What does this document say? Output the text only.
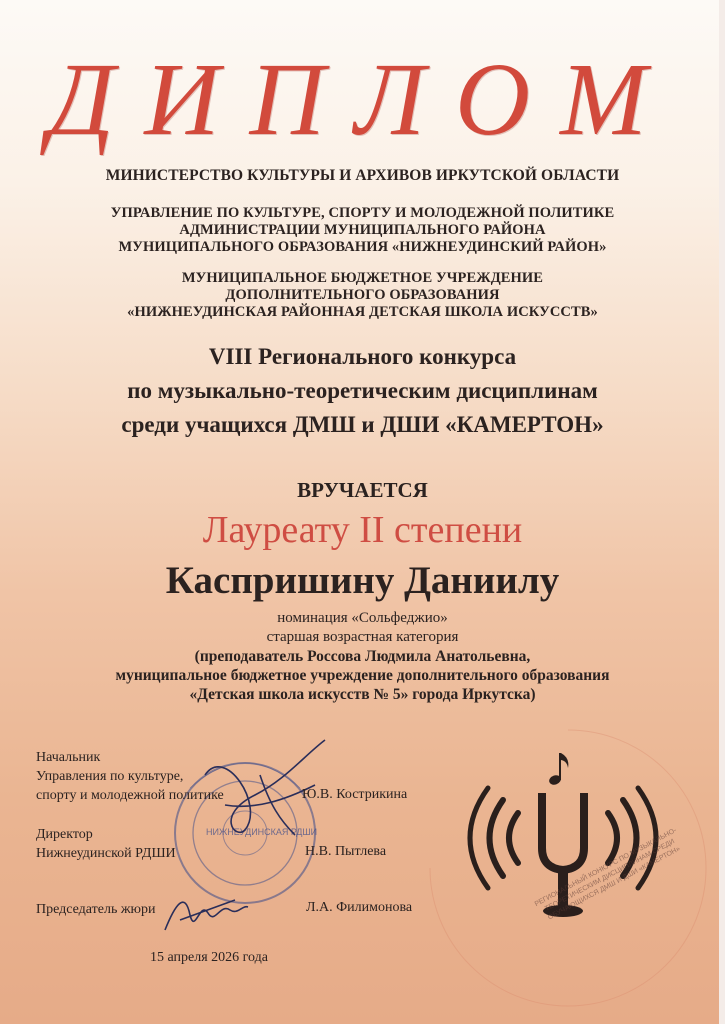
ДИПЛОМ
МИНИСТЕРСТВО КУЛЬТУРЫ И АРХИВОВ ИРКУТСКОЙ ОБЛАСТИ
УПРАВЛЕНИЕ ПО КУЛЬТУРЕ, СПОРТУ И МОЛОДЕЖНОЙ ПОЛИТИКЕ
АДМИНИСТРАЦИИ МУНИЦИПАЛЬНОГО РАЙОНА
МУНИЦИПАЛЬНОГО ОБРАЗОВАНИЯ «НИЖНЕУДИНСКИЙ РАЙОН»
МУНИЦИПАЛЬНОЕ БЮДЖЕТНОЕ УЧРЕЖДЕНИЕ
ДОПОЛНИТЕЛЬНОГО ОБРАЗОВАНИЯ
«НИЖНЕУДИНСКАЯ РАЙОННАЯ ДЕТСКАЯ ШКОЛА ИСКУССТВ»
VIII Регионального конкурса
по музыкально-теоретическим дисциплинам
среди учащихся ДМШ и ДШИ «КАМЕРТОН»
ВРУЧАЕТСЯ
Лауреату II степени
Каспришину Даниилу
номинация «Сольфеджио»
старшая возрастная категория
(преподаватель Россова Людмила Анатольевна,
муниципальное бюджетное учреждение дополнительного образования
«Детская школа искусств № 5» города Иркутска)
НИЖНЕУДИНСКАЯ РДШИ
Начальник
Управления по культуре,
спорту и молодежной политике	Ю.В. Кострикина
Директор
Нижнеудинской РДШИ	Н.В. Пытлева
Председатель жюри	Л.А. Филимонова
15 апреля 2026 года
РЕГИОНАЛЬНЫЙ КОНКУРС ПО МУЗЫКАЛЬНО-ТЕОРЕТИЧЕСКИМ ДИСЦИПЛИНАМ СРЕДИ ОБУЧАЮЩИХСЯ ДМШ И ДШИ «КАМЕРТОН»
